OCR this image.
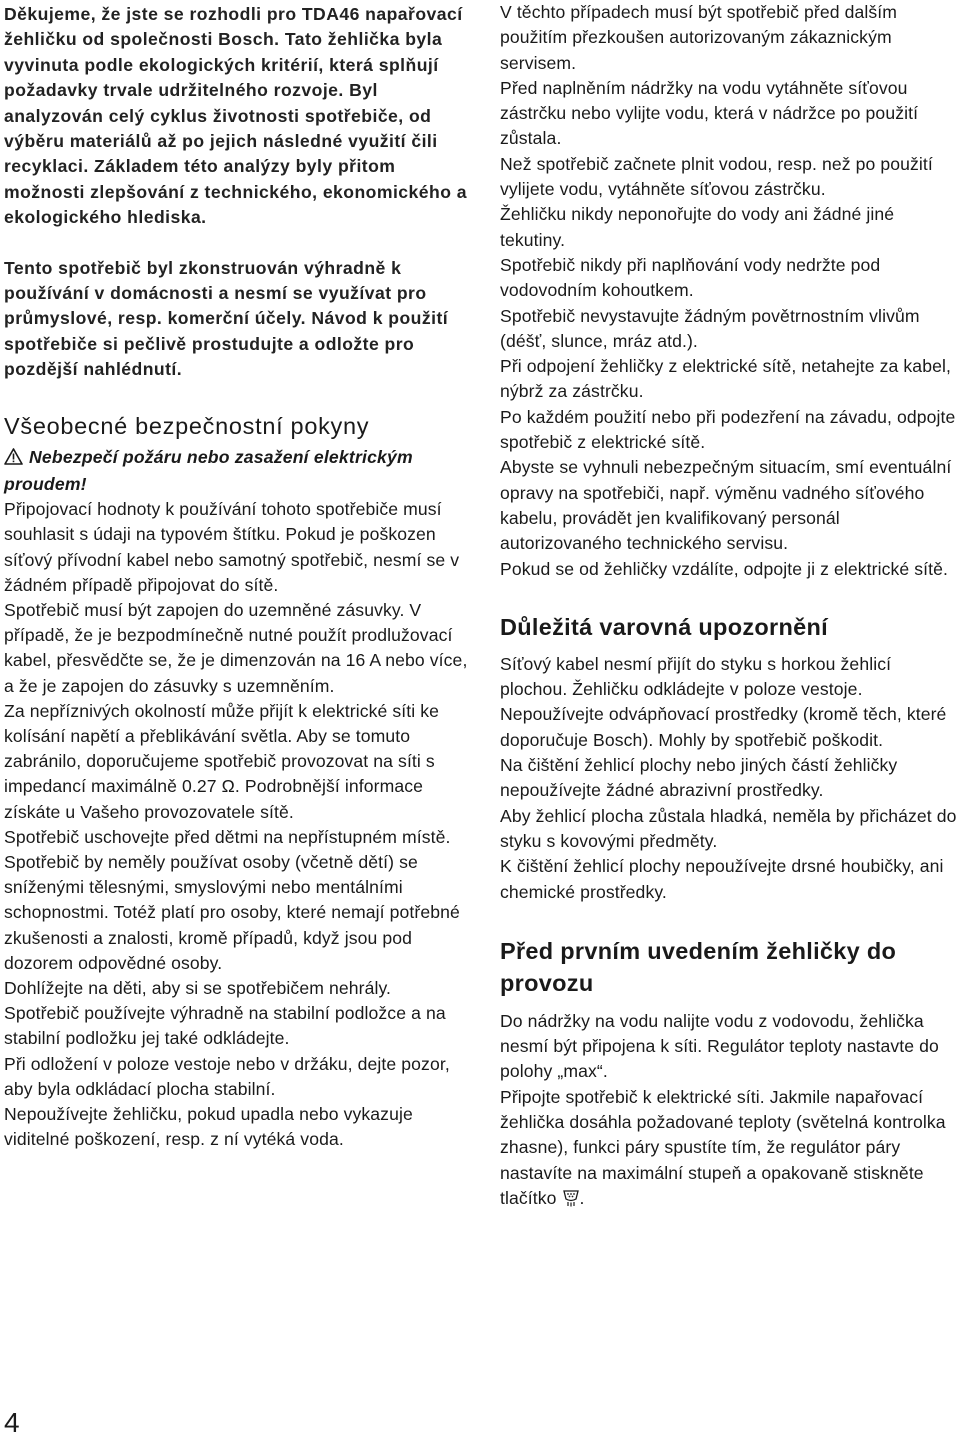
Děkujeme, že jste se rozhodli pro TDA46 napařovací žehličku od společnosti Bosch. Tato žehlička byla vyvinuta podle ekologických kritérií, která splňují požadavky trvale udržitelného rozvoje. Byl analyzován celý cyklus životnosti spotřebiče, od výběru materiálů až po jejich následné využití čili recyklaci. Základem této analýzy byly přitom možnosti zlepšování z technického, ekonomického a ekologického hlediska.

Tento spotřebič byl zkonstruován výhradně k používání v domácnosti a nesmí se využívat pro průmyslové, resp. komerční účely. Návod k použití spotřebiče si pečlivě prostudujte a odložte pro pozdější nahlédnutí.

Všeobecné bezpečnostní pokyny

Nebezpečí požáru nebo zasažení elektrickým proudem!

Připojovací hodnoty k používání tohoto spotřebiče musí souhlasit s údaji na typovém štítku. Pokud je poškozen síťový přívodní kabel nebo samotný spotřebič, nesmí se v žádném případě připojovat do sítě.

Spotřebič musí být zapojen do uzemněné zásuvky. V případě, že je bezpodmínečně nutné použít prodlužovací kabel, přesvědčte se, že je dimenzován na 16 A nebo více, a že je zapojen do zásuvky s uzemněním.

Za nepříznivých okolností může přijít k elektrické síti ke kolísání napětí a přeblikávání světla. Aby se tomuto zabránilo, doporučujeme spotřebič provozovat na síti s impedancí maximálně 0.27 Ω. Podrobnější informace získáte u Vašeho provozovatele sítě.

Spotřebič uschovejte před dětmi na nepřístupném místě.

Spotřebič by neměly používat osoby (včetně dětí) se sníženými tělesnými, smyslovými nebo mentálními schopnostmi. Totéž platí pro osoby, které nemají potřebné zkušenosti a znalosti, kromě případů, když jsou pod dozorem odpovědné osoby.

Dohlížejte na děti, aby si se spotřebičem nehrály.

Spotřebič používejte výhradně na stabilní podložce a na stabilní podložku jej také odkládejte.

Při odložení v poloze vestoje nebo v držáku, dejte pozor, aby byla odkládací plocha stabilní.

Nepoužívejte žehličku, pokud upadla nebo vykazuje viditelné poškození, resp. z ní vytéká voda.

V těchto případech musí být spotřebič před dalším použitím přezkoušen autorizovaným zákaznickým servisem.

Před naplněním nádržky na vodu vytáhněte síťovou zástrčku nebo vylijte vodu, která v nádržce po použití zůstala.

Než spotřebič začnete plnit vodou, resp. než po použití vylijete vodu, vytáhněte síťovou zástrčku.

Žehličku nikdy neponořujte do vody ani žádné jiné tekutiny.

Spotřebič nikdy při naplňování vody nedržte pod vodovodním kohoutkem.

Spotřebič nevystavujte žádným povětrnostním vlivům (déšť, slunce, mráz atd.).

Při odpojení žehličky z elektrické sítě, netahejte za kabel, nýbrž za zástrčku.

Po každém použití nebo při podezření na závadu, odpojte spotřebič z elektrické sítě.

Abyste se vyhnuli nebezpečným situacím, smí eventuální opravy na spotřebiči, např. výměnu vadného síťového kabelu, provádět jen kvalifikovaný personál autorizovaného technického servisu.

Pokud se od žehličky vzdálíte, odpojte ji z elektrické sítě.

Důležitá varovná upozornění

Síťový kabel nesmí přijít do styku s horkou žehlicí plochou. Žehličku odkládejte v poloze vestoje.

Nepoužívejte odvápňovací prostředky (kromě těch, které doporučuje Bosch). Mohly by spotřebič poškodit.

Na čištění žehlicí plochy nebo jiných částí žehličky nepoužívejte žádné abrazivní prostředky.

Aby žehlicí plocha zůstala hladká, neměla by přicházet do styku s kovovými předměty.

K čištění žehlicí plochy nepoužívejte drsné houbičky, ani chemické prostředky.

Před prvním uvedením žehličky do provozu

Do nádržky na vodu nalijte vodu z vodovodu, žehlička nesmí být připojena k síti. Regulátor teploty nastavte do polohy „max“.

Připojte spotřebič k elektrické síti. Jakmile napařovací žehlička dosáhla požadované teploty (světelná kontrolka zhasne), funkci páry spustíte tím, že regulátor páry nastavíte na maximální stupeň a opakovaně stiskněte tlačítko .

4
